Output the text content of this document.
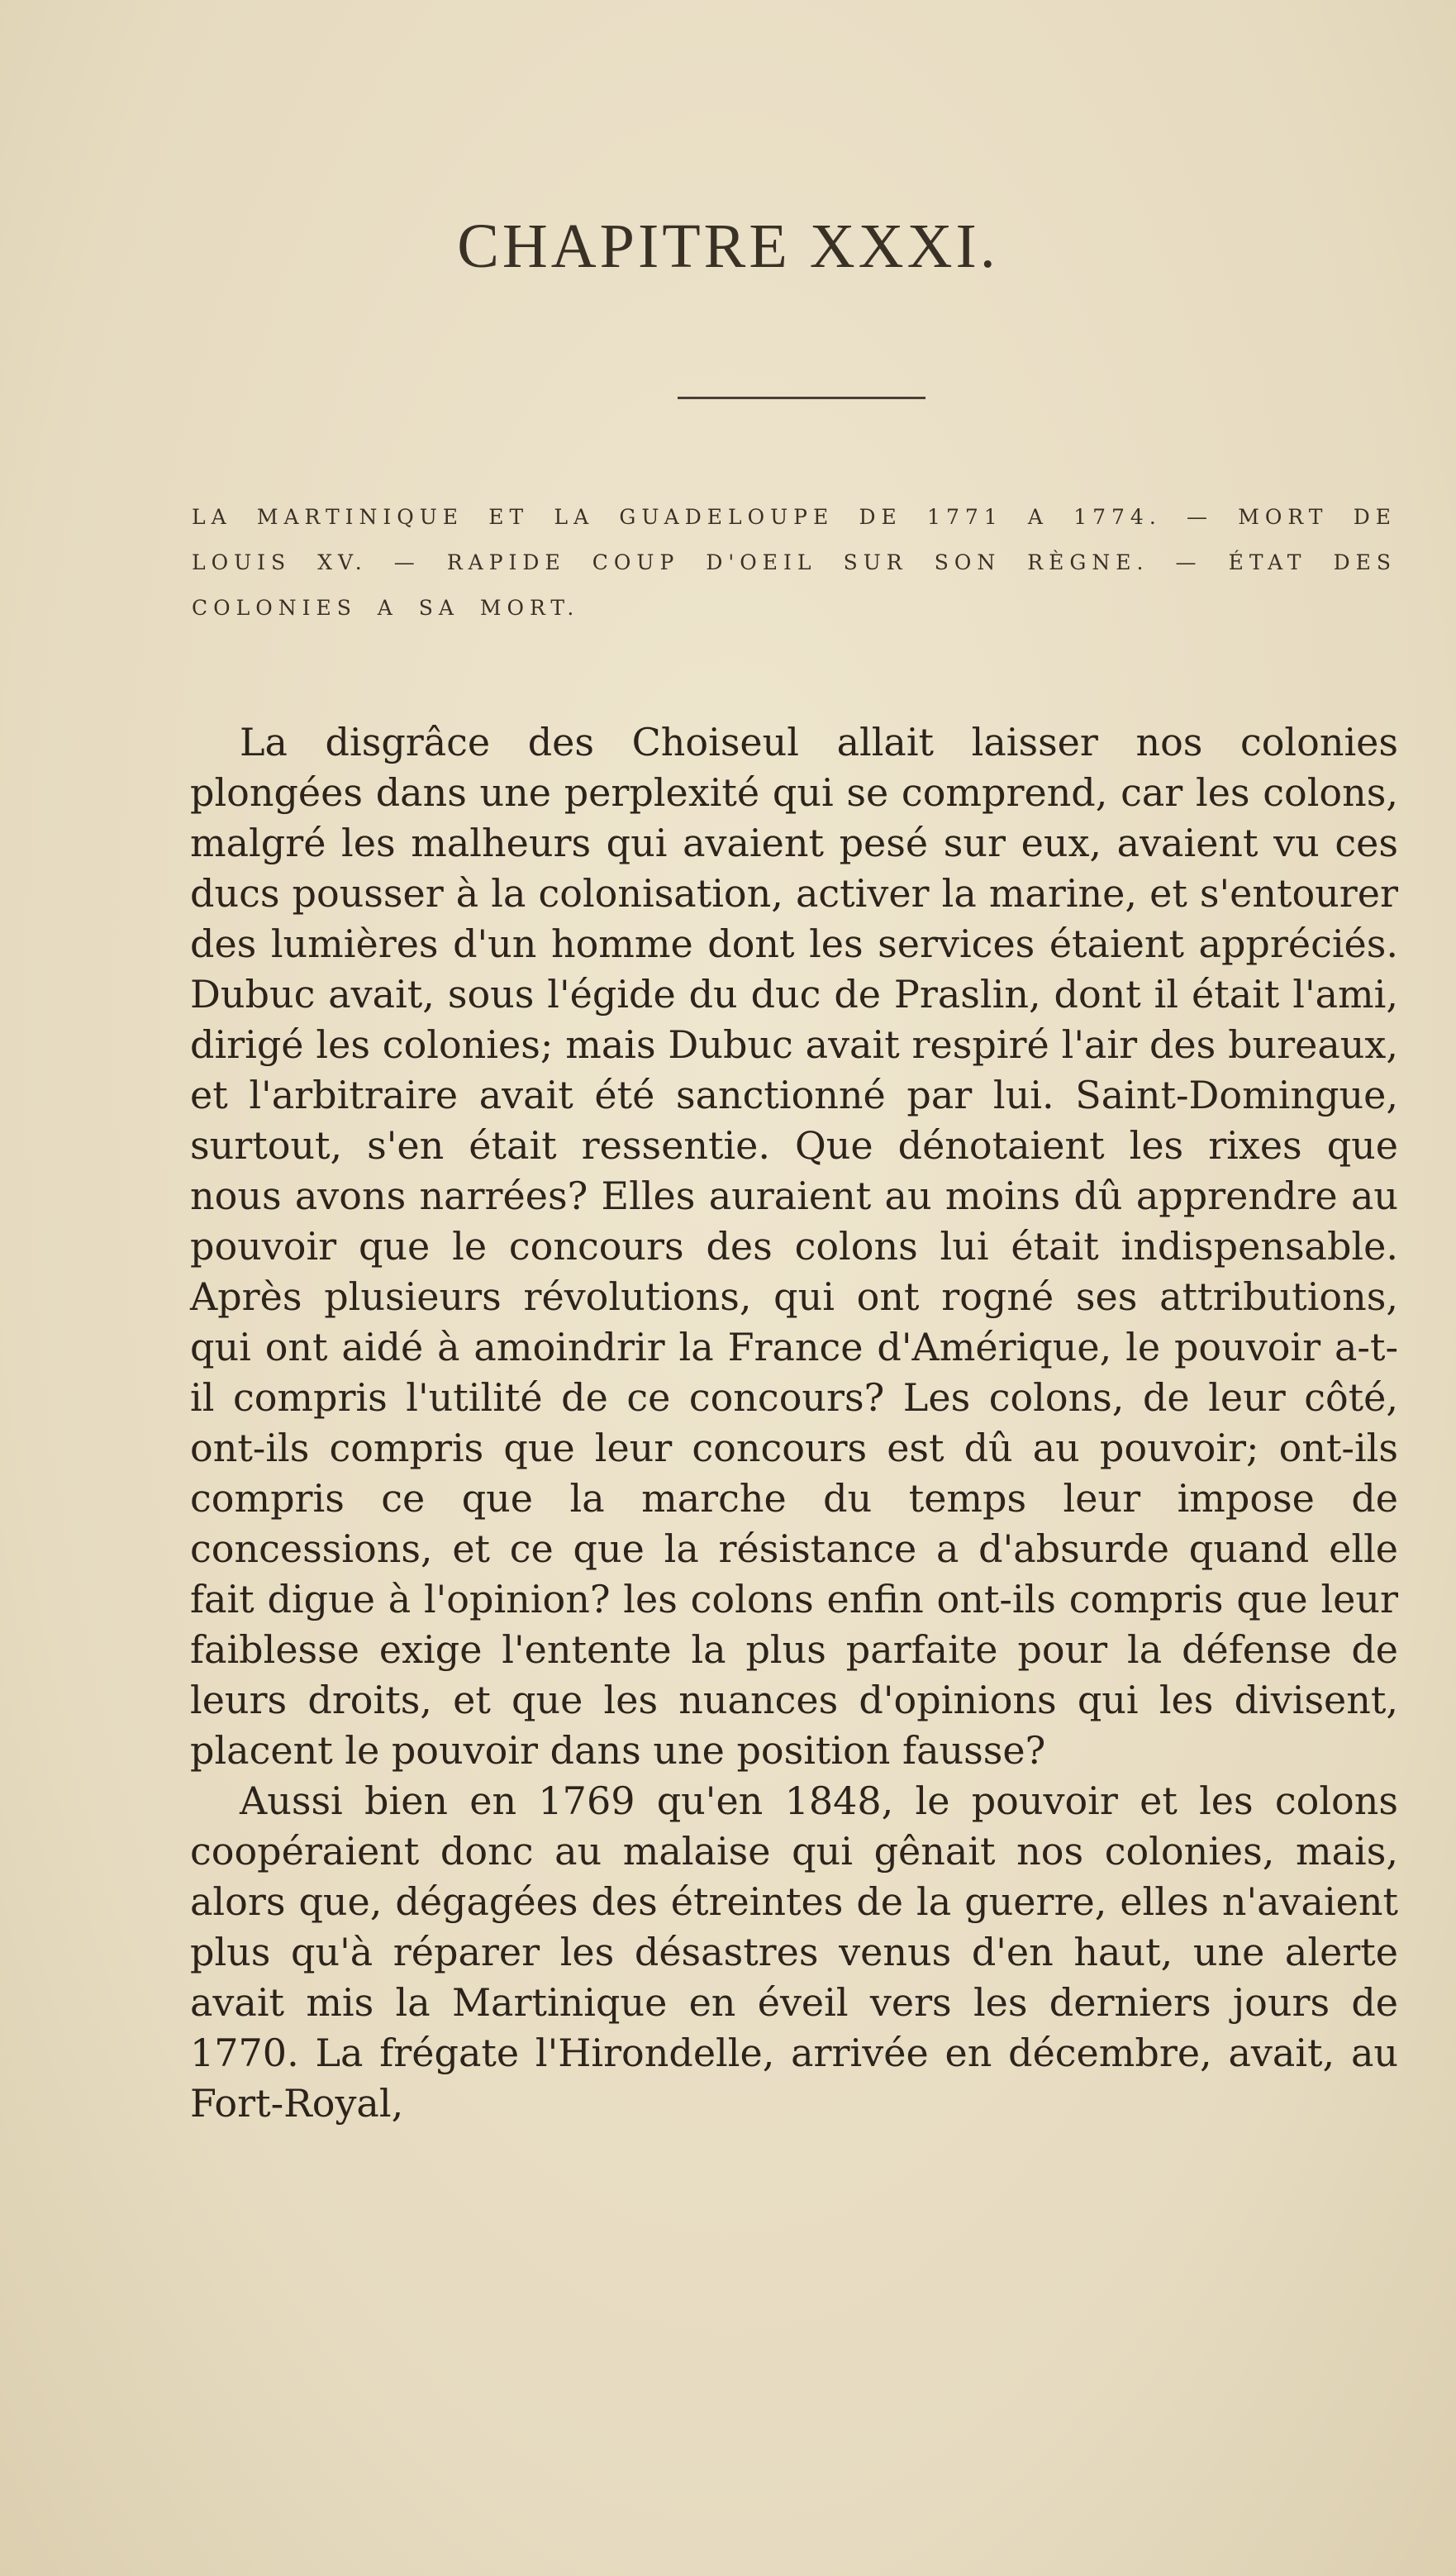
CHAPITRE XXXI.
LA MARTINIQUE ET LA GUADELOUPE DE 1771 A 1774. — MORT DE LOUIS XV. — RAPIDE COUP D'OEIL SUR SON RÈGNE. — ÉTAT DES COLONIES A SA MORT.

La disgrâce des Choiseul allait laisser nos colonies plongées dans une perplexité qui se comprend, car les colons, malgré les malheurs qui avaient pesé sur eux, avaient vu ces ducs pousser à la colonisation, activer la marine, et s'entourer des lumières d'un homme dont les services étaient appréciés. Dubuc avait, sous l'égide du duc de Praslin, dont il était l'ami, dirigé les colonies; mais Dubuc avait respiré l'air des bureaux, et l'arbitraire avait été sanctionné par lui. Saint-Domingue, surtout, s'en était ressentie. Que dénotaient les rixes que nous avons narrées? Elles auraient au moins dû apprendre au pouvoir que le concours des colons lui était indispensable. Après plusieurs révolutions, qui ont rogné ses attributions, qui ont aidé à amoindrir la France d'Amérique, le pouvoir a-t-il compris l'utilité de ce concours? Les colons, de leur côté, ont-ils compris que leur concours est dû au pouvoir; ont-ils compris ce que la marche du temps leur impose de concessions, et ce que la résistance a d'absurde quand elle fait digue à l'opinion? les colons enfin ont-ils compris que leur faiblesse exige l'entente la plus parfaite pour la défense de leurs droits, et que les nuances d'opinions qui les divisent, placent le pouvoir dans une position fausse?

Aussi bien en 1769 qu'en 1848, le pouvoir et les colons coopéraient donc au malaise qui gênait nos colonies, mais, alors que, dégagées des étreintes de la guerre, elles n'avaient plus qu'à réparer les désastres venus d'en haut, une alerte avait mis la Martinique en éveil vers les derniers jours de 1770. La frégate l'Hirondelle, arrivée en décembre, avait, au Fort-Royal,
